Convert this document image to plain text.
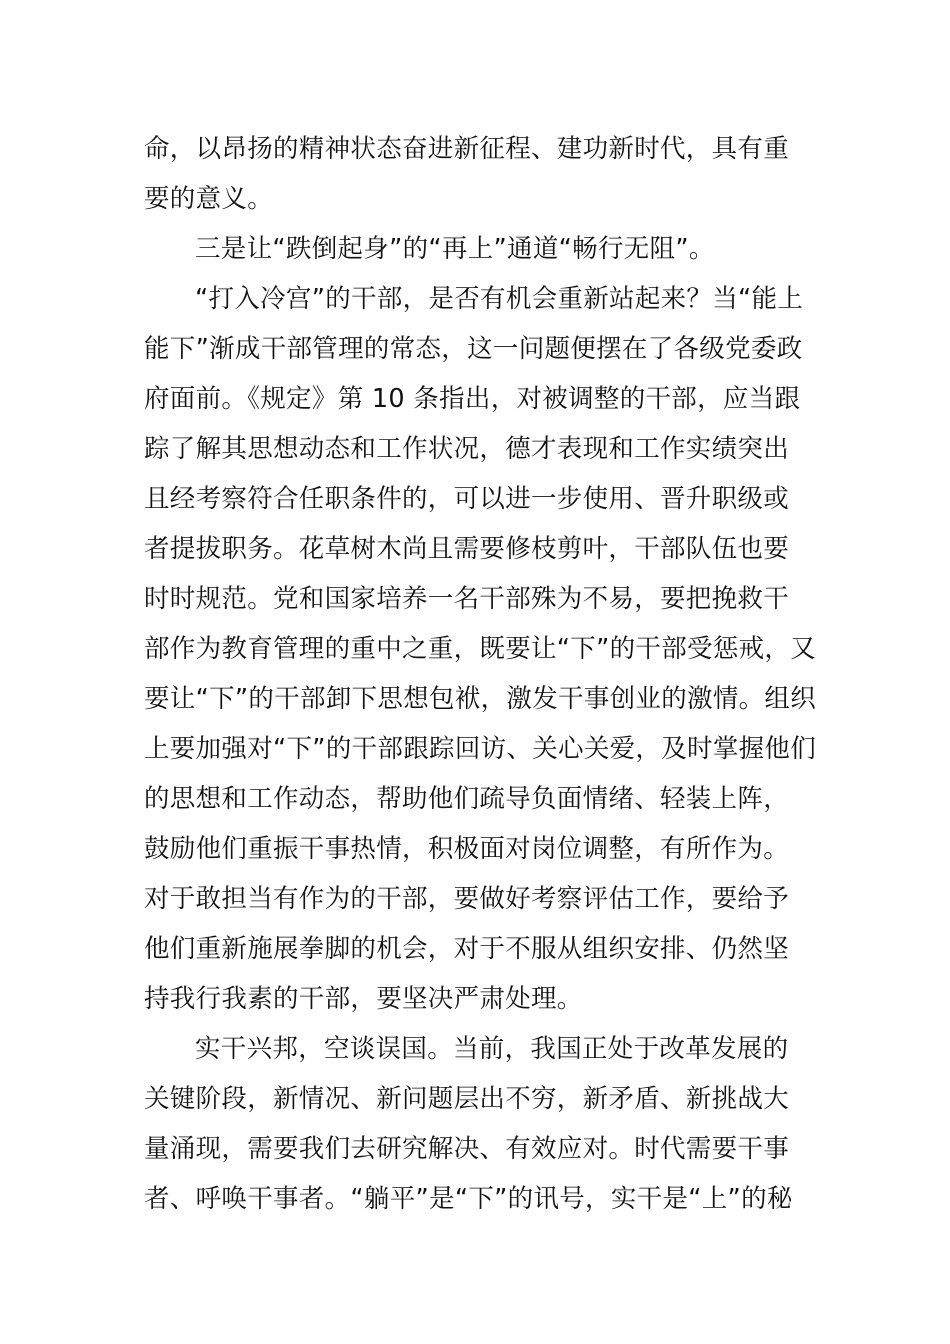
命，以昂扬的精神状态奋进新征程、建功新时代，具有重
要的意义。
三是让“跌倒起身”的“再上”通道“畅行无阻”。
“打入冷宫”的干部，是否有机会重新站起来？当“能上
能下”渐成干部管理的常态，这一问题便摆在了各级党委政
府面前。《规定》第 10 条指出，对被调整的干部，应当跟
踪了解其思想动态和工作状况，德才表现和工作实绩突出
且经考察符合任职条件的，可以进一步使用、晋升职级或
者提拔职务。花草树木尚且需要修枝剪叶，干部队伍也要
时时规范。党和国家培养一名干部殊为不易，要把挽救干
部作为教育管理的重中之重，既要让“下”的干部受惩戒，又
要让“下”的干部卸下思想包袱，激发干事创业的激情。组织
上要加强对“下”的干部跟踪回访、关心关爱，及时掌握他们
的思想和工作动态，帮助他们疏导负面情绪、轻装上阵，
鼓励他们重振干事热情，积极面对岗位调整，有所作为。
对于敢担当有作为的干部，要做好考察评估工作，要给予
他们重新施展拳脚的机会，对于不服从组织安排、仍然坚
持我行我素的干部，要坚决严肃处理。
实干兴邦，空谈误国。当前，我国正处于改革发展的
关键阶段，新情况、新问题层出不穷，新矛盾、新挑战大
量涌现，需要我们去研究解决、有效应对。时代需要干事
者、呼唤干事者。“躺平”是“下”的讯号，实干是“上”的秘
